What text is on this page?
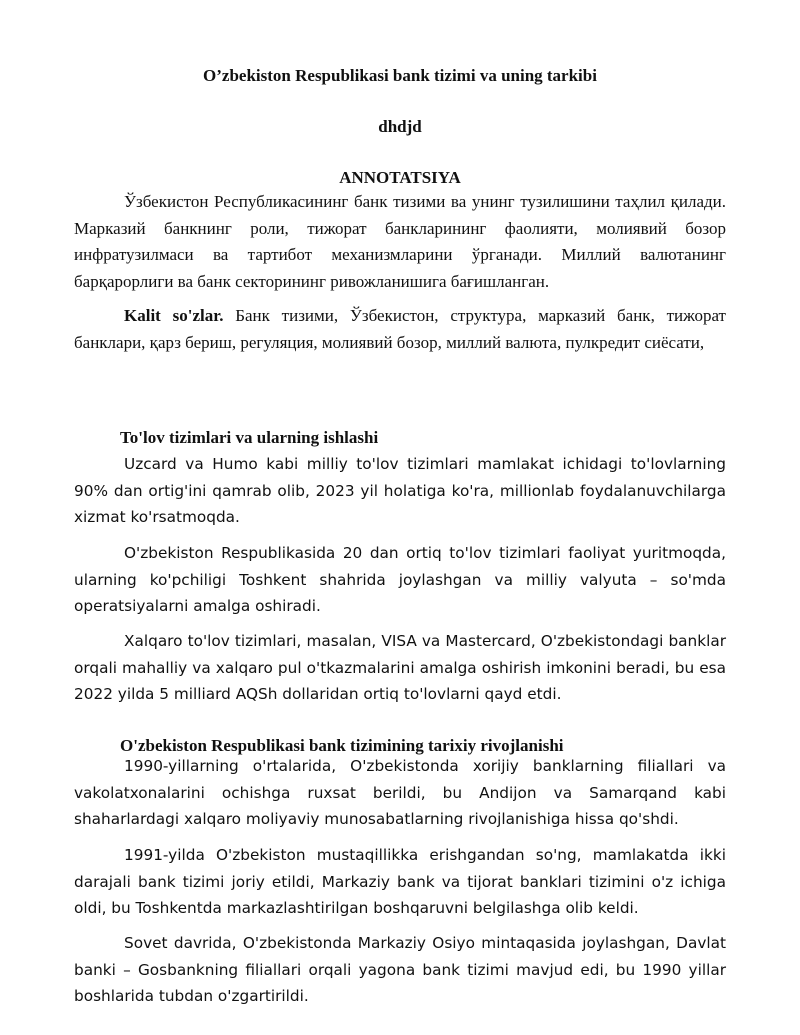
O’zbekiston Respublikasi bank tizimi va uning tarkibi
dhdjd
ANNOTATSIYA
Ўзбекистон Республикасининг банк тизими ва унинг тузилишини таҳлил қилади. Марказий банкнинг роли, тижорат банкларининг фаолияти, молиявий бозор инфратузилмаси ва тартибот механизмларини ўрганади. Миллий валютанинг барқарорлиги ва банк секторининг ривожланишига бағишланган.
Kalit so'zlar. Банк тизими, Ўзбекистон, структура, марказий банк, тижорат банклари, қарз бериш, регуляция, молиявий бозор, миллий валюта, пулкредит сиёсати,
To'lov tizimlari va ularning ishlashi
Uzcard va Humo kabi milliy to'lov tizimlari mamlakat ichidagi to'lovlarning 90% dan ortig'ini qamrab olib, 2023 yil holatiga ko'ra, millionlab foydalanuvchilarga xizmat ko'rsatmoqda.
O'zbekiston Respublikasida 20 dan ortiq to'lov tizimlari faoliyat yuritmoqda, ularning ko'pchiligi Toshkent shahrida joylashgan va milliy valyuta – so'mda operatsiyalarni amalga oshiradi.
Xalqaro to'lov tizimlari, masalan, VISA va Mastercard, O'zbekistondagi banklar orqali mahalliy va xalqaro pul o'tkazmalarini amalga oshirish imkonini beradi, bu esa 2022 yilda 5 milliard AQSh dollaridan ortiq to'lovlarni qayd etdi.
O'zbekiston Respublikasi bank tizimining tarixiy rivojlanishi
1990-yillarning o'rtalarida, O'zbekistonda xorijiy banklarning filiallari va vakolatxonalarini ochishga ruxsat berildi, bu Andijon va Samarqand kabi shaharlardagi xalqaro moliyaviy munosabatlarning rivojlanishiga hissa qo'shdi.
1991-yilda O'zbekiston mustaqillikka erishgandan so'ng, mamlakatda ikki darajali bank tizimi joriy etildi, Markaziy bank va tijorat banklari tizimini o'z ichiga oldi, bu Toshkentda markazlashtirilgan boshqaruvni belgilashga olib keldi.
Sovet davrida, O'zbekistonda Markaziy Osiyo mintaqasida joylashgan, Davlat banki – Gosbankning filiallari orqali yagona bank tizimi mavjud edi, bu 1990 yillar boshlarida tubdan o'zgartirildi.
